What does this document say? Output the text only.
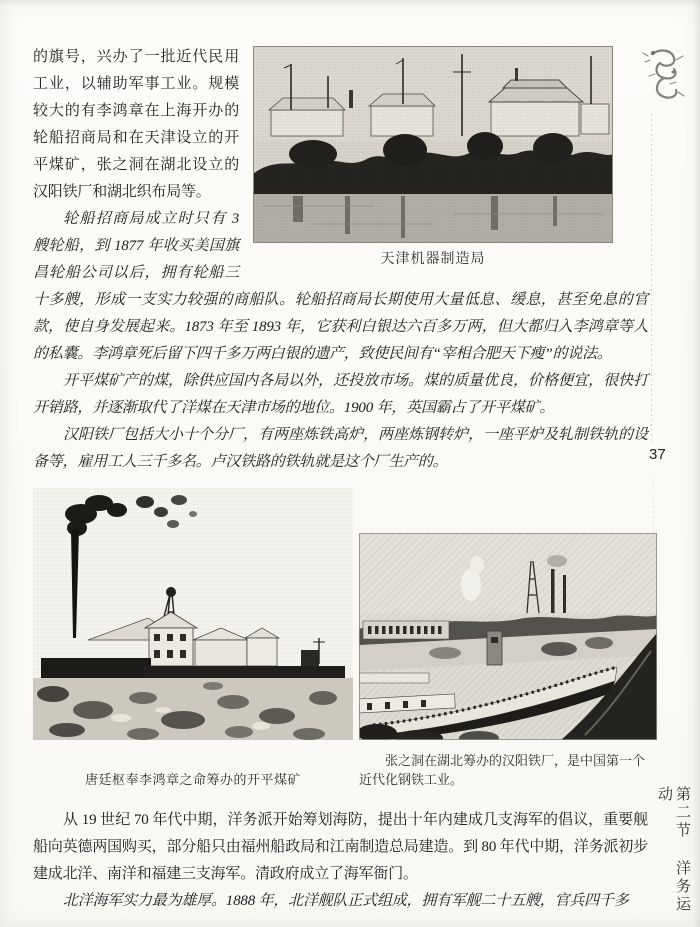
37
第二节 洋务运动
天津机器制造局

的旗号，兴办了一批近代民用工业，以辅助军事工业。规模较大的有李鸿章在上海开办的轮船招商局和在天津设立的开平煤矿，张之洞在湖北设立的汉阳铁厂和湖北织布局等。

轮船招商局成立时只有 3 艘轮船，到 1877 年收买美国旗昌轮船公司以后，拥有轮船三十多艘，形成一支实力较强的商船队。轮船招商局长期使用大量低息、缓息，甚至免息的官款，使自身发展起来。1873 年至 1893 年，它获利白银达六百多万两，但大都归入李鸿章等人的私囊。李鸿章死后留下四千多万两白银的遗产，致使民间有“宰相合肥天下瘦”的说法。

开平煤矿产的煤，除供应国内各局以外，还投放市场。煤的质量优良，价格便宜，很快打开销路，并逐渐取代了洋煤在天津市场的地位。1900 年，英国霸占了开平煤矿。

汉阳铁厂包括大小十个分厂，有两座炼铁高炉，两座炼钢转炉，一座平炉及轧制铁轨的设备等，雇用工人三千多名。卢汉铁路的铁轨就是这个厂生产的。

唐廷枢奉李鸿章之命筹办的开平煤矿
张之洞在湖北筹办的汉阳铁厂，是中国第一个近代化钢铁工业。

从 19 世纪 70 年代中期，洋务派开始筹划海防，提出十年内建成几支海军的倡议，重要舰船向英德两国购买，部分船只由福州船政局和江南制造总局建造。到 80 年代中期，洋务派初步建成北洋、南洋和福建三支海军。清政府成立了海军衙门。

北洋海军实力最为雄厚。1888 年，北洋舰队正式组成，拥有军舰二十五艘，官兵四千多
